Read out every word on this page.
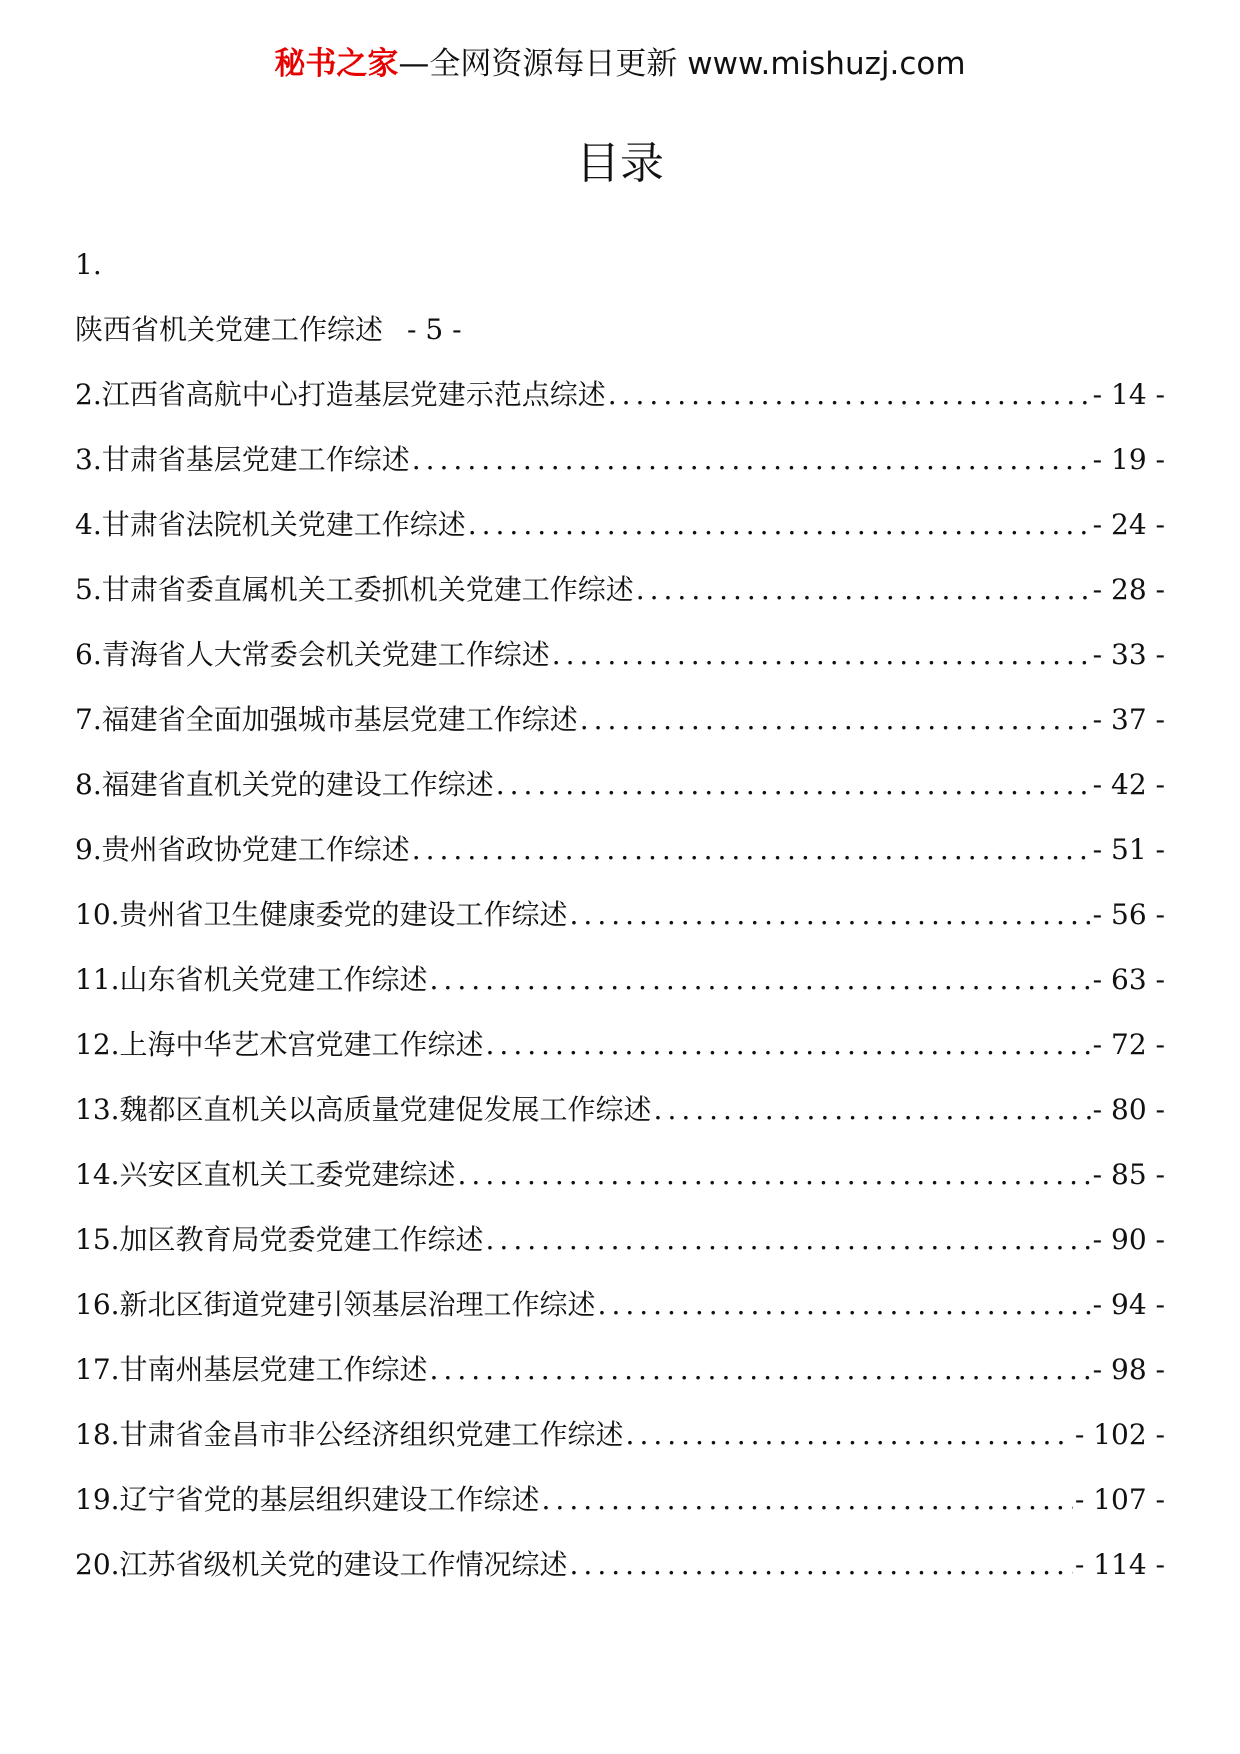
秘书之家—全网资源每日更新 www.mishuzj.com
目录
1.
陕西省机关党建工作综述 - 5 -
2.江西省高航中心打造基层党建示范点综述 .....	- 14 -
3.甘肃省基层党建工作综述 .....	- 19 -
4.甘肃省法院机关党建工作综述 .....	- 24 -
5.甘肃省委直属机关工委抓机关党建工作综述 .....	- 28 -
6.青海省人大常委会机关党建工作综述 .....	- 33 -
7.福建省全面加强城市基层党建工作综述 .....	- 37 -
8.福建省直机关党的建设工作综述 .....	- 42 -
9.贵州省政协党建工作综述 .....	- 51 -
10.贵州省卫生健康委党的建设工作综述 .....	- 56 -
11.山东省机关党建工作综述 .....	- 63 -
12.上海中华艺术宫党建工作综述 .....	- 72 -
13.魏都区直机关以高质量党建促发展工作综述 .....	- 80 -
14.兴安区直机关工委党建综述 .....	- 85 -
15.加区教育局党委党建工作综述 .....	- 90 -
16.新北区街道党建引领基层治理工作综述 .....	- 94 -
17.甘南州基层党建工作综述 .....	- 98 -
18.甘肃省金昌市非公经济组织党建工作综述 .....	- 102 -
19.辽宁省党的基层组织建设工作综述 .....	- 107 -
20.江苏省级机关党的建设工作情况综述 .....	- 114 -
